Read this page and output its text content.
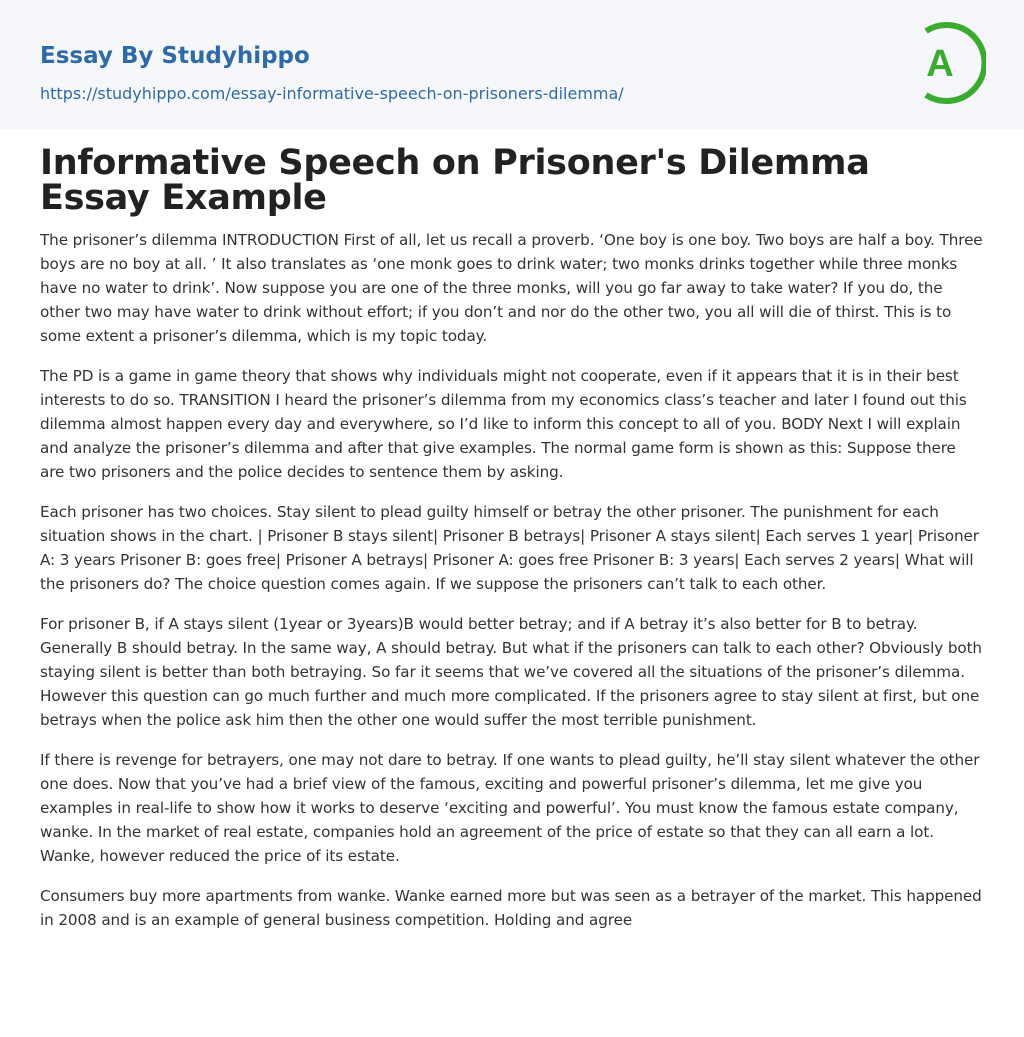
Essay By Studyhippo
https://studyhippo.com/essay-informative-speech-on-prisoners-dilemma/
A
Informative Speech on Prisoner's Dilemma Essay Example

The prisoner’s dilemma INTRODUCTION First of all, let us recall a proverb. ‘One boy is one boy. Two boys are half a boy. Three boys are no boy at all. ’ It also translates as ‘one monk goes to drink water; two monks drinks together while three monks have no water to drink’. Now suppose you are one of the three monks, will you go far away to take water? If you do, the other two may have water to drink without effort; if you don’t and nor do the other two, you all will die of thirst. This is to some extent a prisoner’s dilemma, which is my topic today.

The PD is a game in game theory that shows why individuals might not cooperate, even if it appears that it is in their best interests to do so. TRANSITION I heard the prisoner’s dilemma from my economics class’s teacher and later I found out this dilemma almost happen every day and everywhere, so I’d like to inform this concept to all of you. BODY Next I will explain and analyze the prisoner’s dilemma and after that give examples. The normal game form is shown as this: Suppose there are two prisoners and the police decides to sentence them by asking.

Each prisoner has two choices. Stay silent to plead guilty himself or betray the other prisoner. The punishment for each situation shows in the chart. | Prisoner B stays silent| Prisoner B betrays| Prisoner A stays silent| Each serves 1 year| Prisoner A: 3 years Prisoner B: goes free| Prisoner A betrays| Prisoner A: goes free Prisoner B: 3 years| Each serves 2 years| What will the prisoners do? The choice question comes again. If we suppose the prisoners can’t talk to each other.

For prisoner B, if A stays silent (1year or 3years)B would better betray; and if A betray it’s also better for B to betray. Generally B should betray. In the same way, A should betray. But what if the prisoners can talk to each other? Obviously both staying silent is better than both betraying. So far it seems that we’ve covered all the situations of the prisoner’s dilemma. However this question can go much further and much more complicated. If the prisoners agree to stay silent at first, but one betrays when the police ask him then the other one would suffer the most terrible punishment.

If there is revenge for betrayers, one may not dare to betray. If one wants to plead guilty, he’ll stay silent whatever the other one does. Now that you’ve had a brief view of the famous, exciting and powerful prisoner’s dilemma, let me give you examples in real-life to show how it works to deserve ‘exciting and powerful’. You must know the famous estate company, wanke. In the market of real estate, companies hold an agreement of the price of estate so that they can all earn a lot. Wanke, however reduced the price of its estate.

Consumers buy more apartments from wanke. Wanke earned more but was seen as a betrayer of the market. This happened in 2008 and is an example of general business competition. Holding and agree
